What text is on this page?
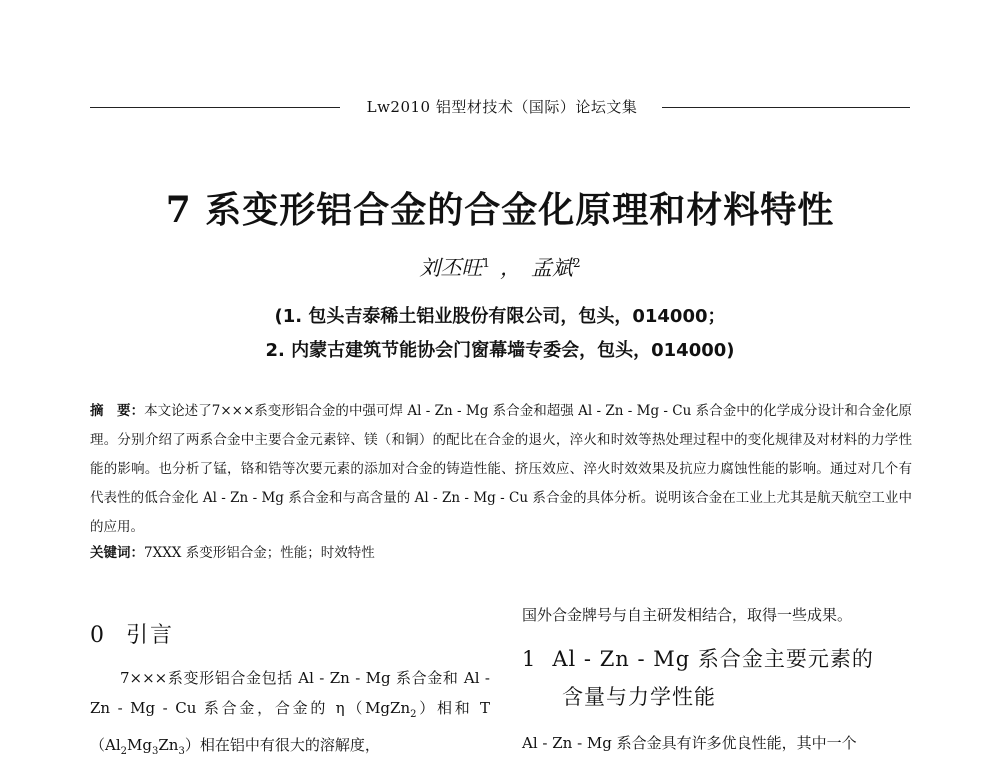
Lw2010 铝型材技术（国际）论坛文集
7 系变形铝合金的合金化原理和材料特性
刘丕旺$^1$ ， 孟斌$^2$
(1. 包头吉泰稀土铝业股份有限公司，包头，014000；
2. 内蒙古建筑节能协会门窗幕墙专委会，包头，014000)
摘　要：本文论述了7×××系变形铝合金的中强可焊 Al - Zn - Mg 系合金和超强 Al - Zn - Mg - Cu 系合金中的化学成分设计和合金化原理。分别介绍了两系合金中主要合金元素锌、镁（和铜）的配比在合金的退火，淬火和时效等热处理过程中的变化规律及对材料的力学性能的影响。也分析了锰，铬和锆等次要元素的添加对合金的铸造性能、挤压效应、淬火时效效果及抗应力腐蚀性能的影响。通过对几个有代表性的低合金化 Al - Zn - Mg 系合金和与高含量的 Al - Zn - Mg - Cu 系合金的具体分析。说明该合金在工业上尤其是航天航空工业中的应用。
关键词：7XXX 系变形铝合金；性能；时效特性
0 引言

7×××系变形铝合金包括 Al - Zn - Mg 系合金和 Al - Zn - Mg - Cu 系合金，合金的 η（MgZn$_2$）相和 $T(Al_2Mg_3Zn_3)$相在铝中有很大的溶解度，

国外合金牌号与自主研发相结合，取得一些成果。

1 Al - Zn - Mg 系合金主要元素的
含量与力学性能

Al - Zn - Mg 系合金具有许多优良性能，其中一个
